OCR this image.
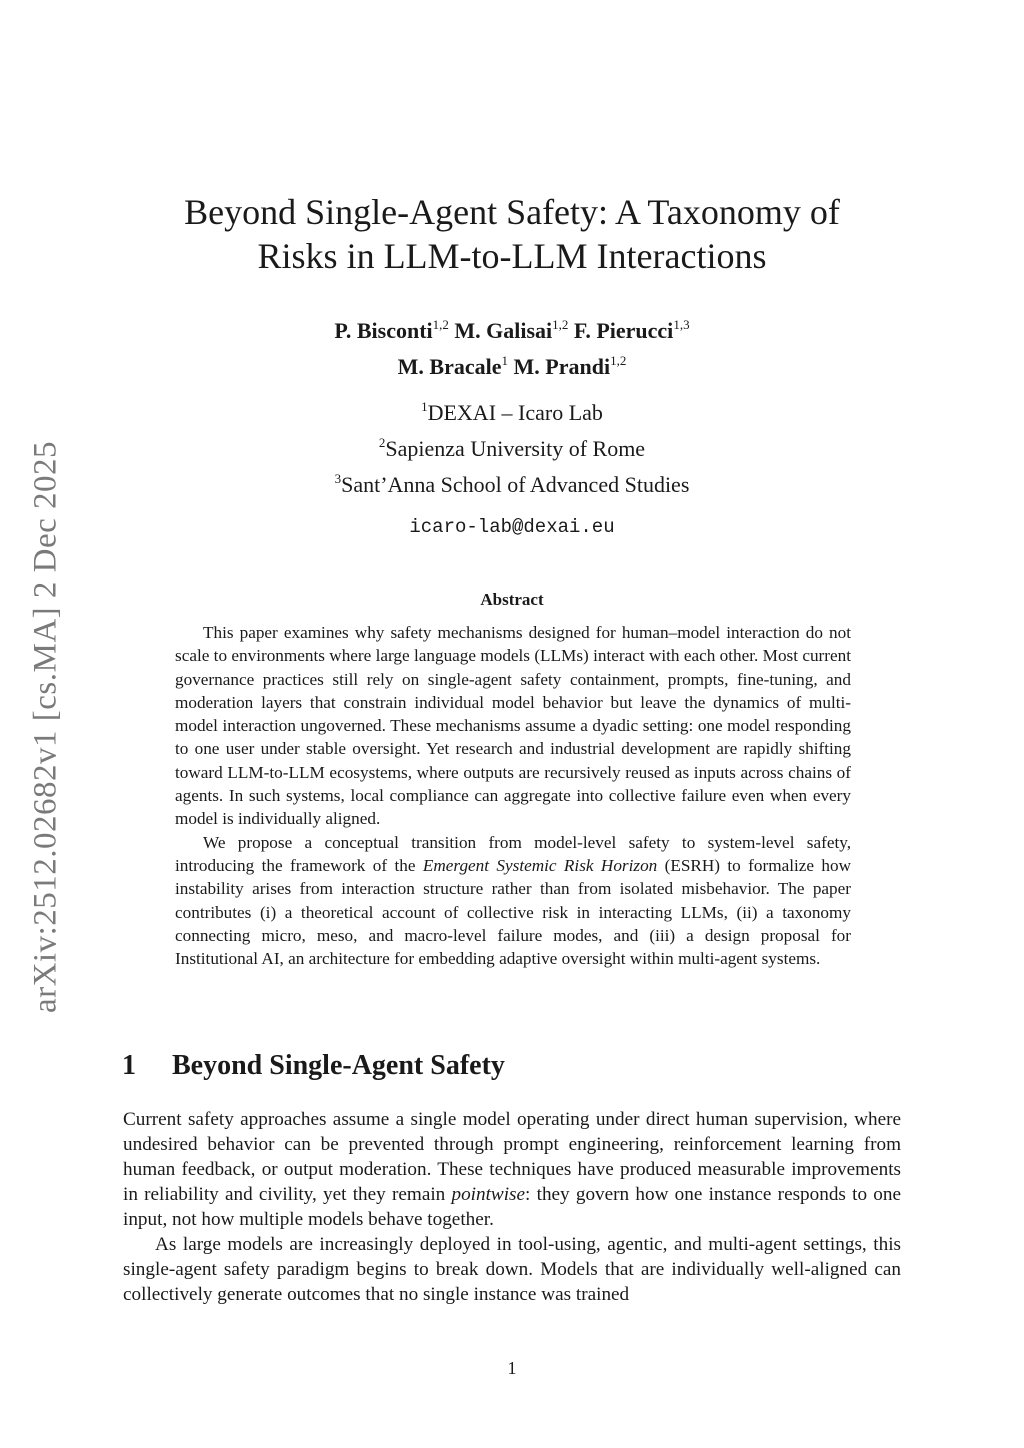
arXiv:2512.02682v1 [cs.MA] 2 Dec 2025
Beyond Single-Agent Safety: A Taxonomy of
Risks in LLM-to-LLM Interactions
P. Bisconti$^{1,2}$ M. Galisai$^{1,2}$ F. Pierucci$^{1,3}$
M. Bracale$^1$ M. Prandi$^{1,2}$
$^1$DEXAI – Icaro Lab
$^2$Sapienza University of Rome
$^3$Sant’Anna School of Advanced Studies
icaro-lab@dexai.eu
Abstract

This paper examines why safety mechanisms designed for human–model interaction do not scale to environments where large language models (LLMs) interact with each other. Most current governance practices still rely on single-agent safety containment, prompts, fine-tuning, and moderation layers that constrain individual model behavior but leave the dynamics of multi-model interaction ungoverned. These mechanisms assume a dyadic setting: one model responding to one user under stable oversight. Yet research and industrial development are rapidly shifting toward LLM-to-LLM ecosystems, where outputs are recursively reused as inputs across chains of agents. In such systems, local compliance can aggregate into collective failure even when every model is individually aligned.

We propose a conceptual transition from model-level safety to system-level safety, introducing the framework of the Emergent Systemic Risk Horizon (ESRH) to formalize how instability arises from interaction structure rather than from isolated misbehavior. The paper contributes (i) a theoretical account of collective risk in interacting LLMs, (ii) a taxonomy connecting micro, meso, and macro-level failure modes, and (iii) a design proposal for Institutional AI, an architecture for embedding adaptive oversight within multi-agent systems.

1 Beyond Single-Agent Safety

Current safety approaches assume a single model operating under direct human supervision, where undesired behavior can be prevented through prompt engineering, reinforcement learning from human feedback, or output moderation. These techniques have produced measurable improvements in reliability and civility, yet they remain pointwise: they govern how one instance responds to one input, not how multiple models behave together.

As large models are increasingly deployed in tool-using, agentic, and multi-agent settings, this single-agent safety paradigm begins to break down. Models that are individually well-aligned can collectively generate outcomes that no single instance was trained

1
